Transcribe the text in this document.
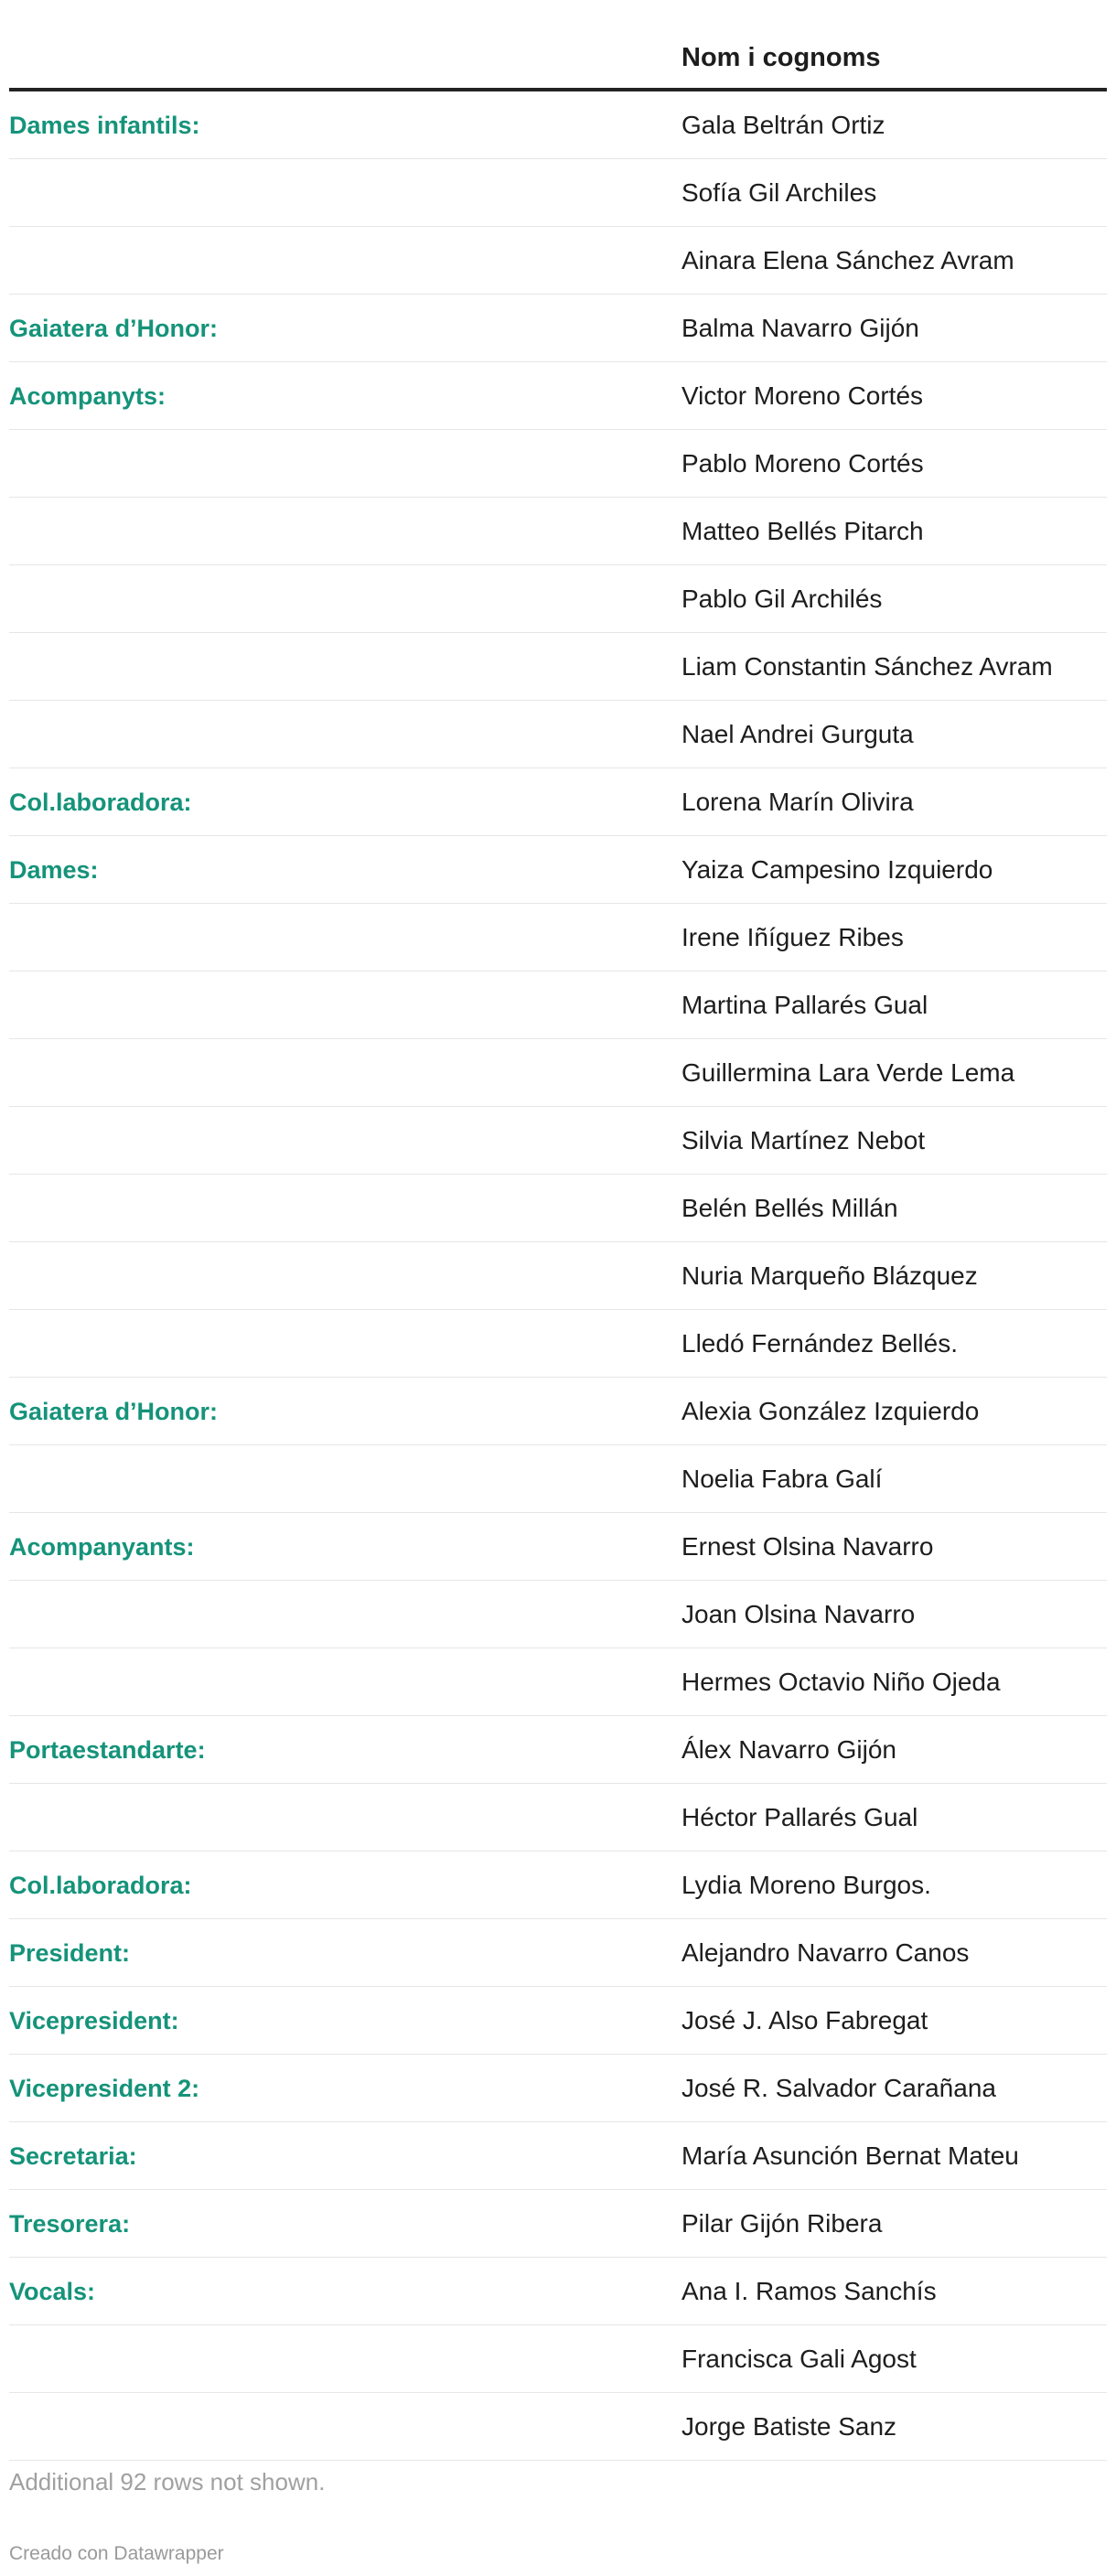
Nom i cognoms
Dames infantils:	Gala Beltrán Ortiz
Sofía Gil Archiles
Ainara Elena Sánchez Avram
Gaiatera d’Honor:	Balma Navarro Gijón
Acompanyts:	Victor Moreno Cortés
Pablo Moreno Cortés
Matteo Bellés Pitarch
Pablo Gil Archilés
Liam Constantin Sánchez Avram
Nael Andrei Gurguta
Col.laboradora:	Lorena Marín Olivira
Dames:	Yaiza Campesino Izquierdo
Irene Iñíguez Ribes
Martina Pallarés Gual
Guillermina Lara Verde Lema
Silvia Martínez Nebot
Belén Bellés Millán
Nuria Marqueño Blázquez
Lledó Fernández Bellés.
Gaiatera d’Honor:	Alexia González Izquierdo
Noelia Fabra Galí
Acompanyants:	Ernest Olsina Navarro
Joan Olsina Navarro
Hermes Octavio Niño Ojeda
Portaestandarte:	Álex Navarro Gijón
Héctor Pallarés Gual
Col.laboradora:	Lydia Moreno Burgos.
President:	Alejandro Navarro Canos
Vicepresident:	José J. Also Fabregat
Vicepresident 2:	José R. Salvador Carañana
Secretaria:	María Asunción Bernat Mateu
Tresorera:	Pilar Gijón Ribera
Vocals:	Ana I. Ramos Sanchís
Francisca Gali Agost
Jorge Batiste Sanz
Additional 92 rows not shown.
Creado con Datawrapper
